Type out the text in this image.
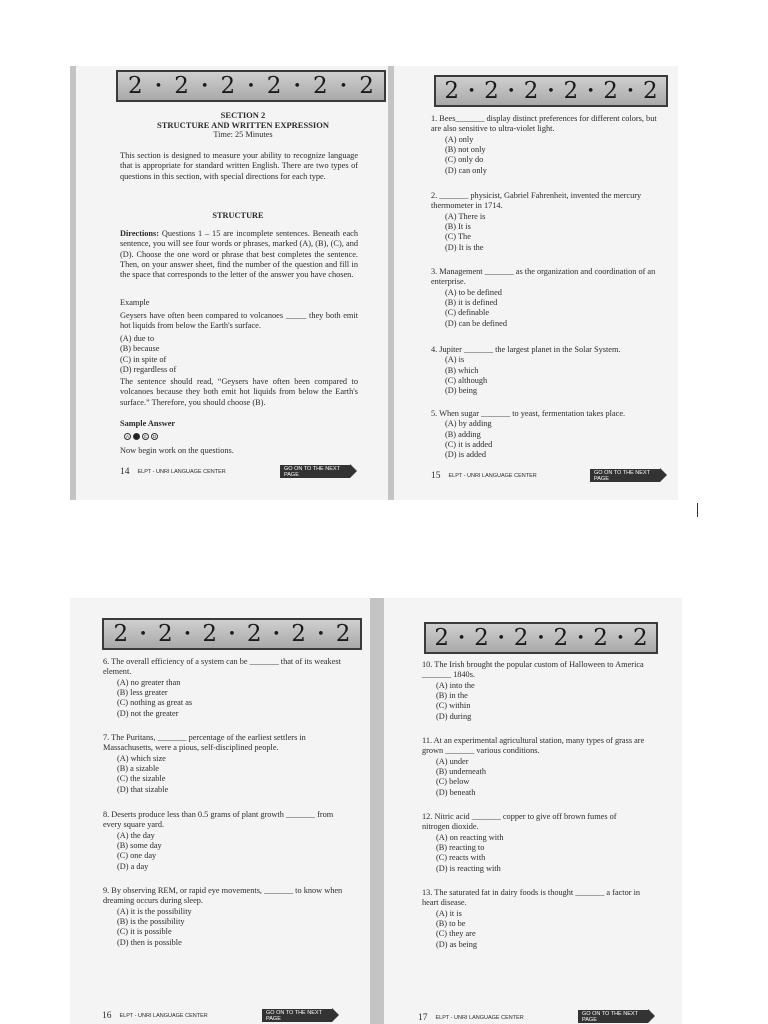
2 • 2 • 2 • 2 • 2 • 2
SECTION 2
STRUCTURE AND WRITTEN EXPRESSION
Time: 25 Minutes
This section is designed to measure your ability to recognize language that is appropriate for standard written English. There are two types of questions in this section, with special directions for each type.
STRUCTURE
Directions: Questions 1 – 15 are incomplete sentences. Beneath each sentence, you will see four words or phrases, marked (A), (B), (C), and (D). Choose the one word or phrase that best completes the sentence. Then, on your answer sheet, find the number of the question and fill in the space that corresponds to the letter of the answer you have chosen.
Example
Geysers have often been compared to volcanoes _____ they both emit hot liquids from below the Earth's surface.
(A) due to
(B) because
(C) in spite of
(D) regardless of
The sentence should read, “Geysers have often been compared to volcanoes because they both emit hot liquids from below the Earth's surface.” Therefore, you should choose (B).
Sample Answer
A	C	D
Now begin work on the questions.
14 ELPT - UNRI LANGUAGE CENTER
GO ON TO THE NEXT PAGE
2 • 2 • 2 • 2 • 2 • 2
1. Bees_______ display distinct preferences for different colors, but are also sensitive to ultra-violet light.
(A) only
(B) not only
(C) only do
(D) can only
2. _______ physicist, Gabriel Fahrenheit, invented the mercury thermometer in 1714.
(A) There is
(B) It is
(C) The
(D) It is the
3. Management _______ as the organization and coordination of an enterprise.
(A) to be defined
(B) it is defined
(C) definable
(D) can be defined
4. Jupiter _______ the largest planet in the Solar System.
(A) is
(B) which
(C) although
(D) being
5. When sugar _______ to yeast, fermentation takes place.
(A) by adding
(B) adding
(C) it is added
(D) is added
15 ELPT - UNRI LANGUAGE CENTER
GO ON TO THE NEXT PAGE
2 • 2 • 2 • 2 • 2 • 2
6. The overall efficiency of a system can be _______ that of its weakest element.
(A) no greater than
(B) less greater
(C) nothing as great as
(D) not the greater
7. The Puritans, _______ percentage of the earliest settlers in Massachusetts, were a pious, self-disciplined people.
(A) which size
(B) a sizable
(C) the sizable
(D) that sizable
8. Deserts produce less than 0.5 grams of plant growth _______ from every square yard.
(A) the day
(B) some day
(C) one day
(D) a day
9. By observing REM, or rapid eye movements, _______ to know when dreaming occurs during sleep.
(A) it is the possibility
(B) is the possibility
(C) it is possible
(D) then is possible
16 ELPT - UNRI LANGUAGE CENTER
GO ON TO THE NEXT PAGE
2 • 2 • 2 • 2 • 2 • 2
10. The Irish brought the popular custom of Halloween to America _______ 1840s.
(A) into the
(B) in the
(C) within
(D) during
11. At an experimental agricultural station, many types of grass are grown _______ various conditions.
(A) under
(B) underneath
(C) below
(D) beneath
12. Nitric acid _______ copper to give off brown fumes of nitrogen dioxide.
(A) on reacting with
(B) reacting to
(C) reacts with
(D) is reacting with
13. The saturated fat in dairy foods is thought _______ a factor in heart disease.
(A) it is
(B) to be
(C) they are
(D) as being
17 ELPT - UNRI LANGUAGE CENTER
GO ON TO THE NEXT PAGE
